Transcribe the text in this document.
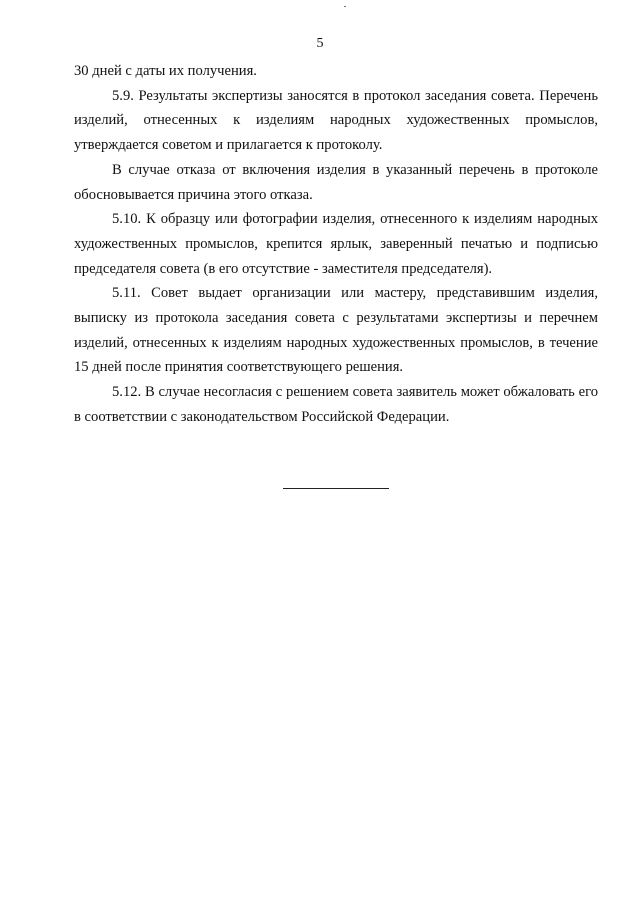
5

30 дней с даты их получения.

5.9. Результаты экспертизы заносятся в протокол заседания совета. Перечень изделий, отнесенных к изделиям народных художественных промыслов, утверждается советом и прилагается к протоколу.

В случае отказа от включения изделия в указанный перечень в протоколе обосновывается причина этого отказа.

5.10. К образцу или фотографии изделия, отнесенного к изделиям народных художественных промыслов, крепится ярлык, заверенный печатью и подписью председателя совета (в его отсутствие - заместителя председателя).

5.11. Совет выдает организации или мастеру, представившим изделия, выписку из протокола заседания совета с результатами экспертизы и перечнем изделий, отнесенных к изделиям народных художественных промыслов, в течение 15 дней после принятия соответствующего решения.

5.12. В случае несогласия с решением совета заявитель может обжаловать его в соответствии с законодательством Российской Федерации.
